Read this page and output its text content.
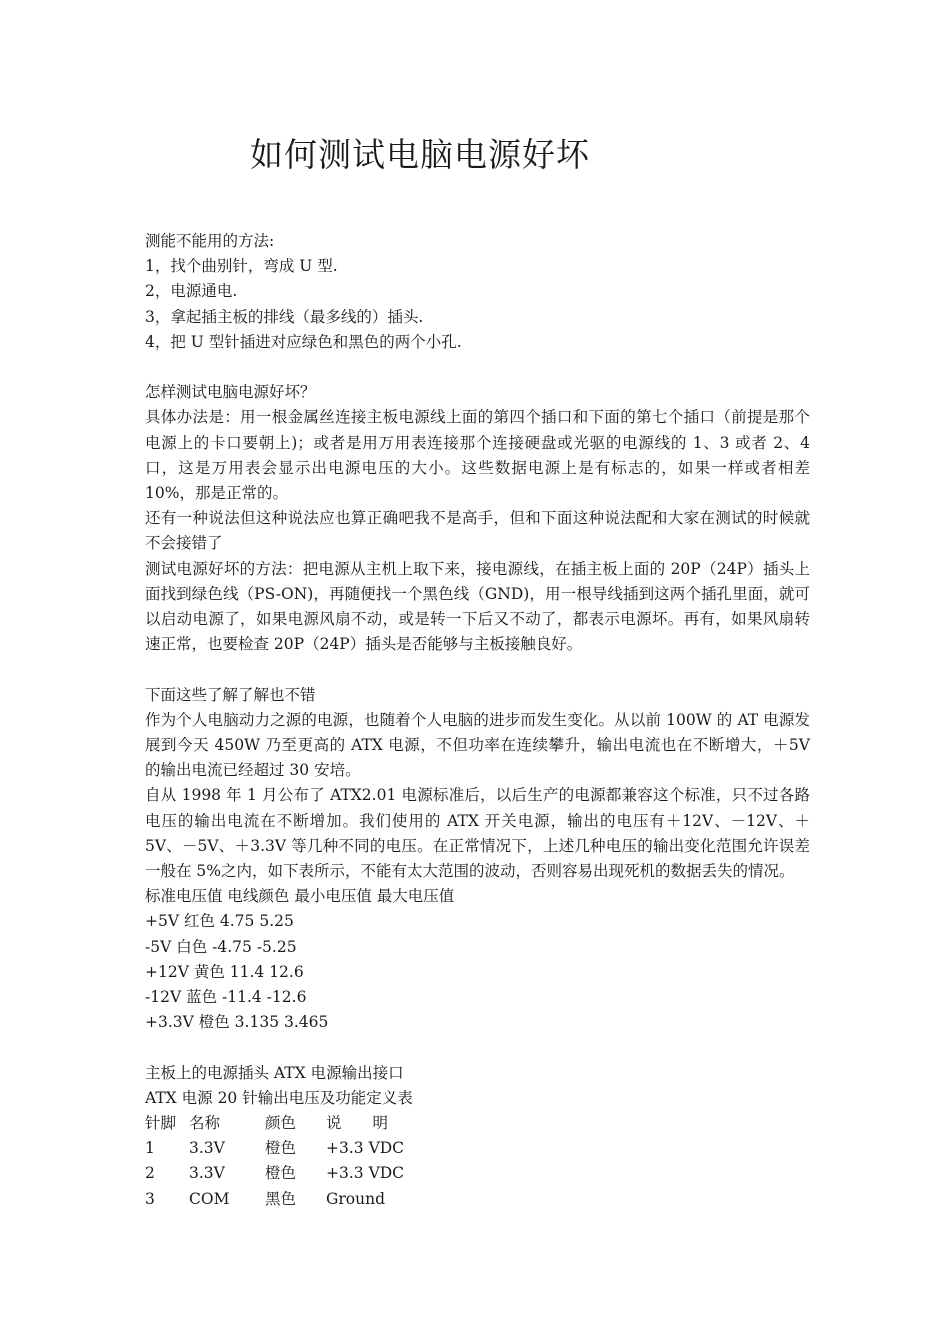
如何测试电脑电源好坏

测能不能用的方法:

1，找个曲别针，弯成 U 型.

2，电源通电.

3，拿起插主板的排线（最多线的）插头.

4，把 U 型针插进对应绿色和黑色的两个小孔.

怎样测试电脑电源好坏？

具体办法是：用一根金属丝连接主板电源线上面的第四个插口和下面的第七个插口（前提是那个电源上的卡口要朝上)；或者是用万用表连接那个连接硬盘或光驱的电源线的 1、3 或者 2、4 口，这是万用表会显示出电源电压的大小。这些数据电源上是有标志的，如果一样或者相差 10%，那是正常的。

还有一种说法但这种说法应也算正确吧我不是高手，但和下面这种说法配和大家在测试的时候就不会接错了

测试电源好坏的方法：把电源从主机上取下来，接电源线，在插主板上面的 20P（24P）插头上面找到绿色线（PS-ON)，再随便找一个黑色线（GND)，用一根导线插到这两个插孔里面，就可以启动电源了，如果电源风扇不动，或是转一下后又不动了，都表示电源坏。再有，如果风扇转速正常，也要检查 20P（24P）插头是否能够与主板接触良好。

下面这些了解了解也不错

作为个人电脑动力之源的电源，也随着个人电脑的进步而发生变化。从以前 100W 的 AT 电源发展到今天 450W 乃至更高的 ATX 电源，不但功率在连续攀升，输出电流也在不断增大，＋5V 的输出电流已经超过 30 安培。

自从 1998 年 1 月公布了 ATX2.01 电源标准后，以后生产的电源都兼容这个标准，只不过各路电压的输出电流在不断增加。我们使用的 ATX 开关电源，输出的电压有＋12V、－12V、＋5V、－5V、＋3.3V 等几种不同的电压。在正常情况下，上述几种电压的输出变化范围允许误差一般在 5%之内，如下表所示，不能有太大范围的波动，否则容易出现死机的数据丢失的情况。

标准电压值 电线颜色 最小电压值 最大电压值

+5V 红色 4.75 5.25

-5V 白色 -4.75 -5.25

+12V 黄色 11.4 12.6

-12V 蓝色 -11.4 -12.6

+3.3V 橙色 3.135 3.465

主板上的电源插头 ATX 电源输出接口

ATX 电源 20 针输出电压及功能定义表

针脚	名称	颜色	说　　明
1	3.3V	橙色	+3.3 VDC
2	3.3V	橙色	+3.3 VDC
3	COM	黑色	Ground
